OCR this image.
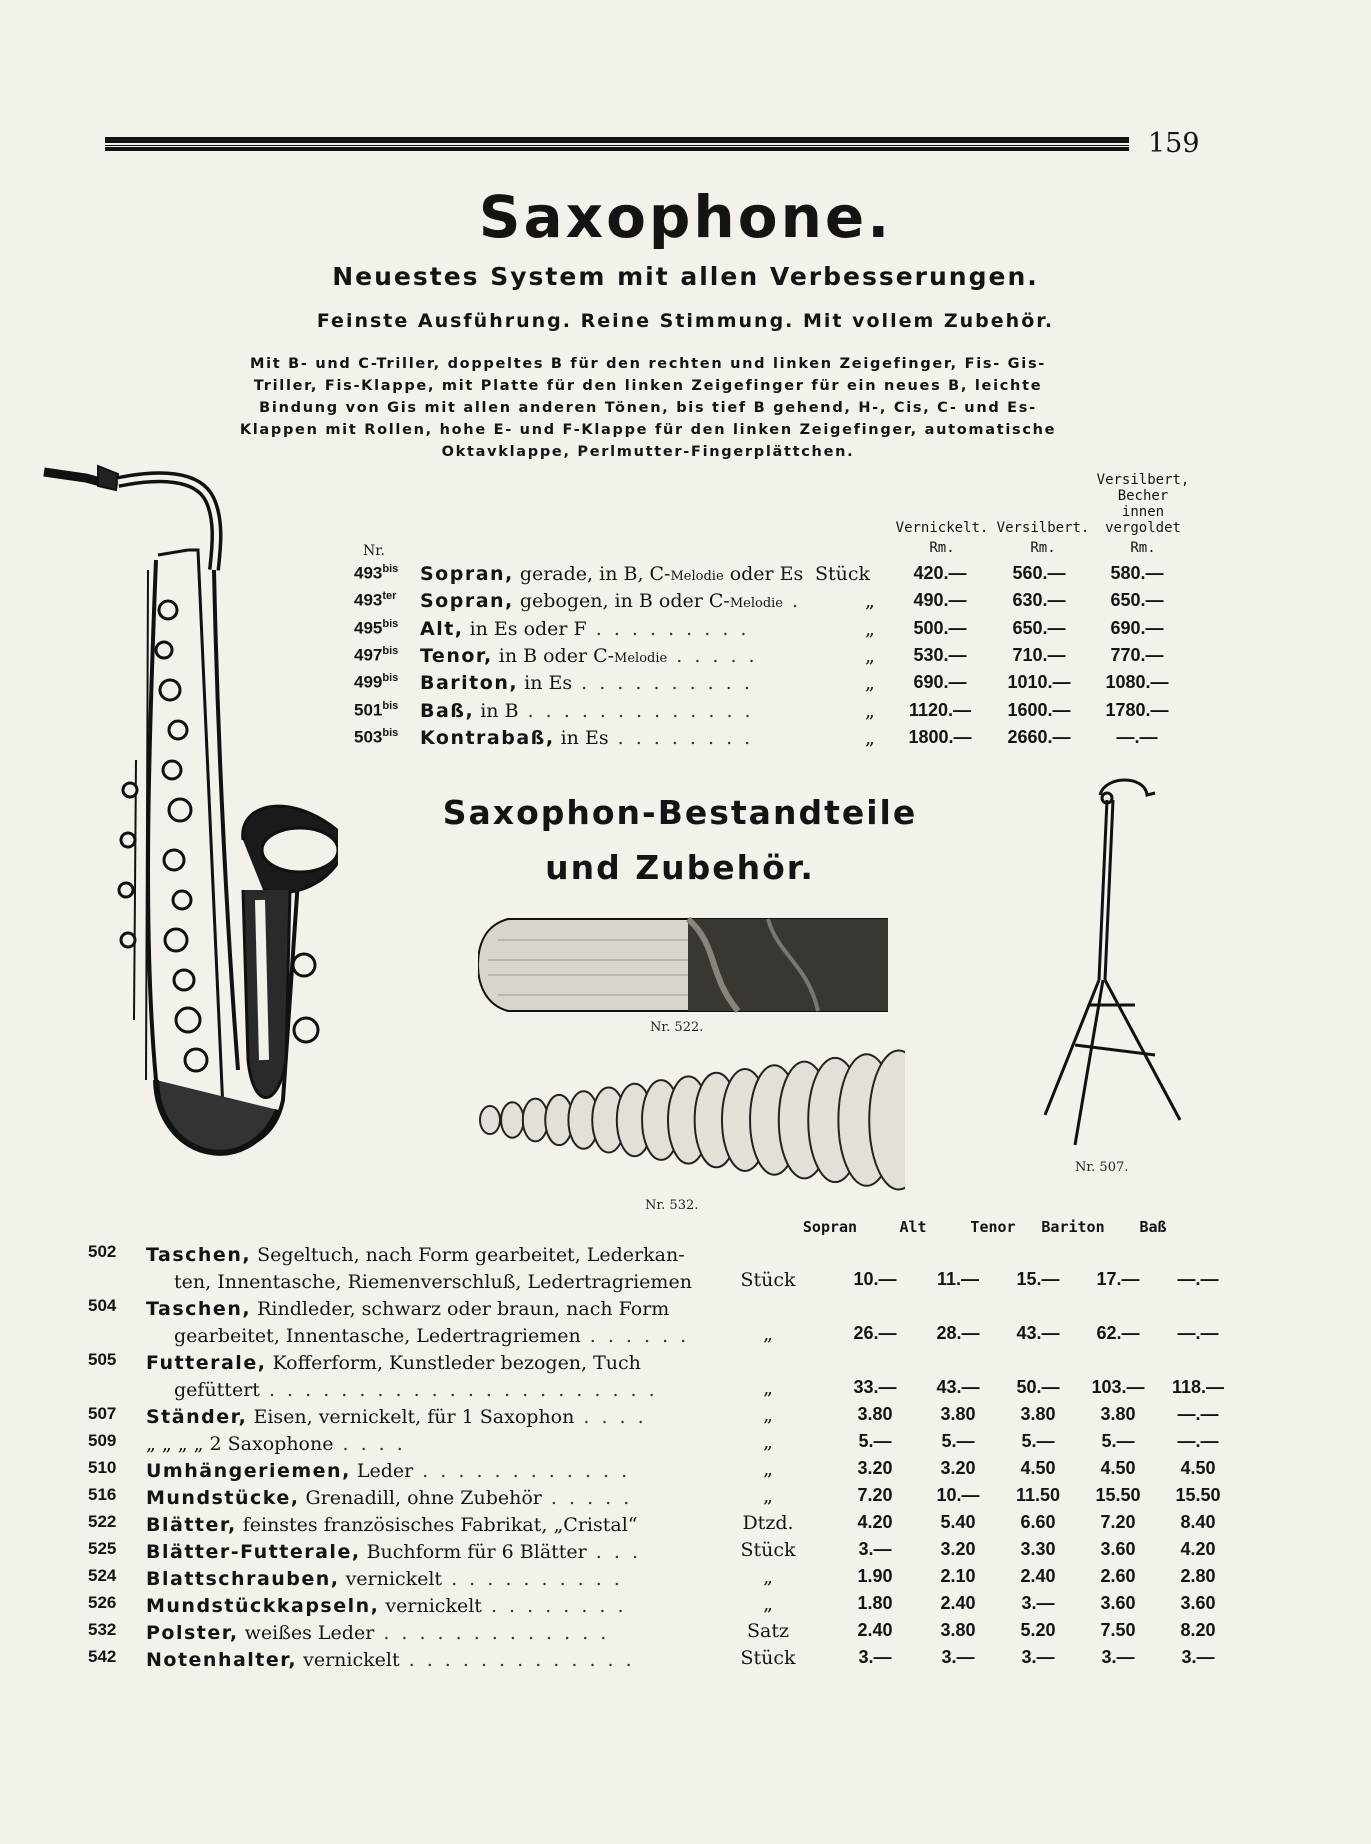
159
Saxophone.
Neuestes System mit allen Verbesserungen.
Feinste Ausführung. Reine Stimmung. Mit vollem Zubehör.
Mit B- und C-Triller, doppeltes B für den rechten und linken Zeigefinger, Fis- Gis-
Triller, Fis-Klappe, mit Platte für den linken Zeigefinger für ein neues B, leichte
Bindung von Gis mit allen anderen Tönen, bis tief B gehend, H-, Cis, C- und Es-
Klappen mit Rollen, hohe E- und F-Klappe für den linken Zeigefinger, automatische
Oktavklappe, Perlmutter-Fingerplättchen.
Vernickelt.
Rm.
Versilbert.
Rm.
Versilbert,
Becher
innen
vergoldet
Rm.
Nr.
$493^{bis}$	Sopran, gerade, in B, C-Melodie oder Es Stück	420.—	560.—	580.—
$493^{ter}$	Sopran, gebogen, in B oder C-Melodie .	„	490.—	630.—	650.—
$495^{bis}$	Alt, in Es oder F . . . . . . . . .	„	500.—	650.—	690.—
$497^{bis}$	Tenor, in B oder C-Melodie . . . . .	„	530.—	710.—	770.—
$499^{bis}$	Bariton, in Es . . . . . . . . . .	„	690.—	1010.—	1080.—
$501^{bis}$	Baß, in B . . . . . . . . . . . . .	„	1120.—	1600.—	1780.—
$503^{bis}$	Kontrabaß, in Es . . . . . . . .	„	1800.—	2660.—	—.—
Saxophon-Bestandteile
und Zubehör.
Nr. 522.
Nr. 532.
Nr. 507.
Sopran	Alt	Tenor	Bariton	Baß
502	Taschen, Segeltuch, nach Form gearbeitet, Lederkan-
ten, Innentasche, Riemenverschluß, Ledertragriemen	Stück	10.—	11.—	15.—	17.—	—.—
504	Taschen, Rindleder, schwarz oder braun, nach Form
gearbeitet, Innentasche, Ledertragriemen . . . . . .	„	26.—	28.—	43.—	62.—	—.—
505	Futterale, Kofferform, Kunstleder bezogen, Tuch
gefüttert . . . . . . . . . . . . . . . . . . . . . .	„	33.—	43.—	50.—	103.—	118.—
507	Ständer, Eisen, vernickelt, für 1 Saxophon . . . .	„	3.80	3.80	3.80	3.80	—.—
509	„ „ „ „ 2 Saxophone . . . .	„	5.—	5.—	5.—	5.—	—.—
510	Umhängeriemen, Leder . . . . . . . . . . . .	„	3.20	3.20	4.50	4.50	4.50
516	Mundstücke, Grenadill, ohne Zubehör . . . . .	„	7.20	10.—	11.50	15.50	15.50
522	Blätter, feinstes französisches Fabrikat, „Cristal“	Dtzd.	4.20	5.40	6.60	7.20	8.40
525	Blätter-Futterale, Buchform für 6 Blätter . . .	Stück	3.—	3.20	3.30	3.60	4.20
524	Blattschrauben, vernickelt . . . . . . . . . .	„	1.90	2.10	2.40	2.60	2.80
526	Mundstückkapseln, vernickelt . . . . . . . .	„	1.80	2.40	3.—	3.60	3.60
532	Polster, weißes Leder . . . . . . . . . . . . .	Satz	2.40	3.80	5.20	7.50	8.20
542	Notenhalter, vernickelt . . . . . . . . . . . . .	Stück	3.—	3.—	3.—	3.—	3.—
